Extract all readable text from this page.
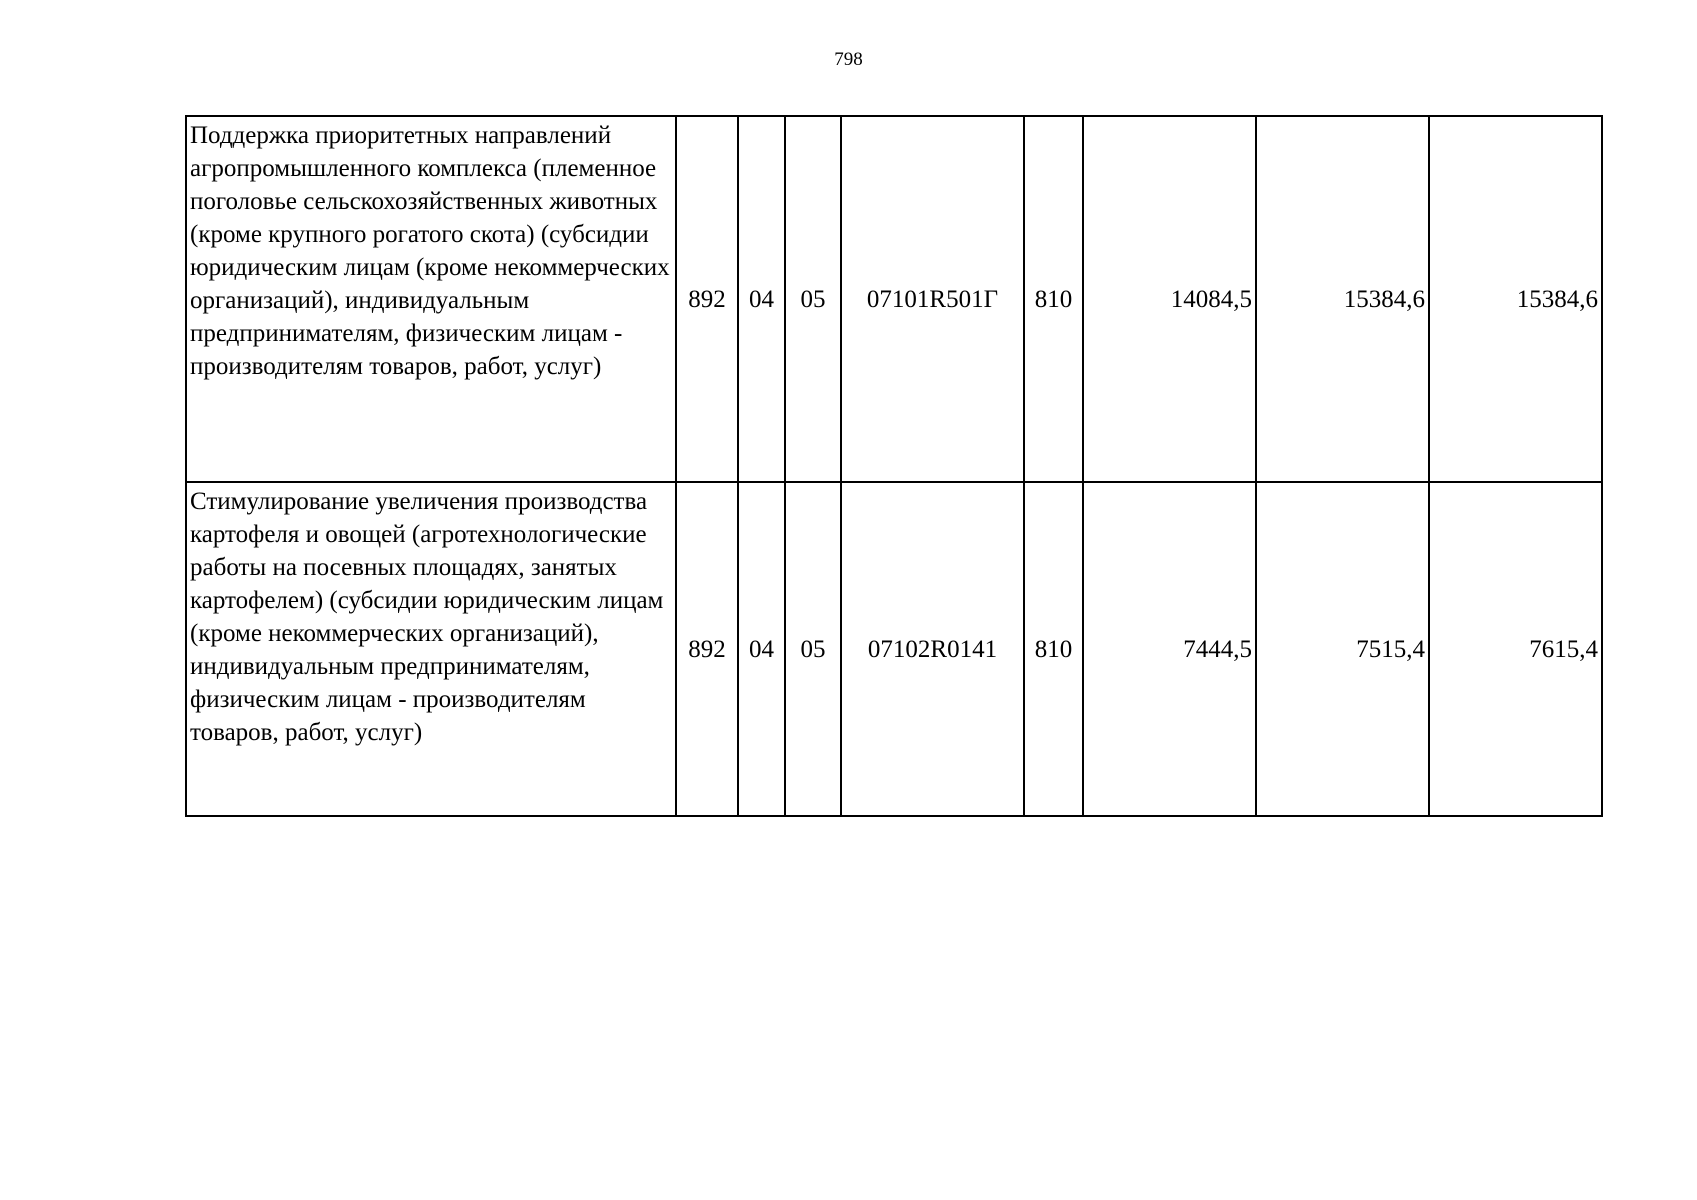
798
Поддержка приоритетных направлений агропромышленного комплекса (племенное поголовье сельскохозяйственных животных (кроме крупного рогатого скота) (субсидии юридическим лицам (кроме некоммерческих организаций), индивидуальным предпринимателям, физическим лицам - производителям товаров, работ, услуг)	892	04	05	07101R501Г	810	14084,5	15384,6	15384,6
Стимулирование увеличения производства картофеля и овощей (агротехнологические работы на посевных площадях, занятых картофелем) (субсидии юридическим лицам (кроме некоммерческих организаций), индивидуальным предпринимателям, физическим лицам - производителям товаров, работ, услуг)	892	04	05	07102R0141	810	7444,5	7515,4	7615,4
